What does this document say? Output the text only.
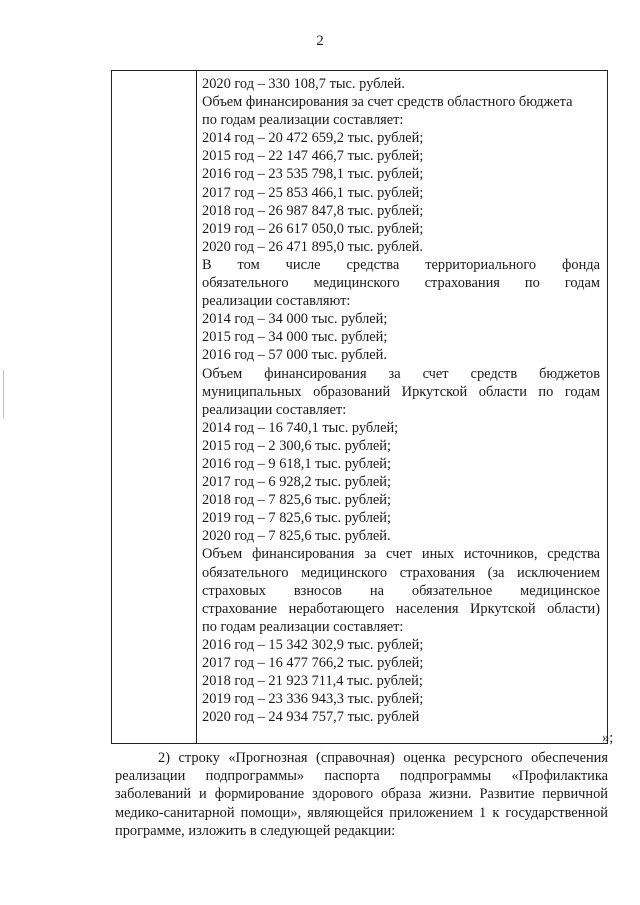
2
2020 год – 330 108,7 тыс. рублей.
Объем финансирования за счет средств областного бюджета
по годам реализации составляет:
2014 год – 20 472 659,2 тыс. рублей;
2015 год – 22 147 466,7 тыс. рублей;
2016 год – 23 535 798,1 тыс. рублей;
2017 год – 25 853 466,1 тыс. рублей;
2018 год – 26 987 847,8 тыс. рублей;
2019 год – 26 617 050,0 тыс. рублей;
2020 год – 26 471 895,0 тыс. рублей.
В том числе средства территориального фонда
обязательного медицинского страхования по годам
реализации составляют:
2014 год – 34 000 тыс. рублей;
2015 год – 34 000 тыс. рублей;
2016 год – 57 000 тыс. рублей.
Объем финансирования за счет средств бюджетов
муниципальных образований Иркутской области по годам
реализации составляет:
2014 год – 16 740,1 тыс. рублей;
2015 год – 2 300,6 тыс. рублей;
2016 год – 9 618,1 тыс. рублей;
2017 год – 6 928,2 тыс. рублей;
2018 год – 7 825,6 тыс. рублей;
2019 год – 7 825,6 тыс. рублей;
2020 год – 7 825,6 тыс. рублей.
Объем финансирования за счет иных источников, средства
обязательного медицинского страхования (за исключением
страховых взносов на обязательное медицинское
страхование неработающего населения Иркутской области)
по годам реализации составляет:
2016 год – 15 342 302,9 тыс. рублей;
2017 год – 16 477 766,2 тыс. рублей;
2018 год – 21 923 711,4 тыс. рублей;
2019 год – 23 336 943,3 тыс. рублей;
2020 год – 24 934 757,7 тыс. рублей
»;
2) строку «Прогнозная (справочная) оценка ресурсного обеспечения
реализации подпрограммы» паспорта подпрограммы «Профилактика
заболеваний и формирование здорового образа жизни. Развитие первичной
медико-санитарной помощи», являющейся приложением 1 к государственной
программе, изложить в следующей редакции:
